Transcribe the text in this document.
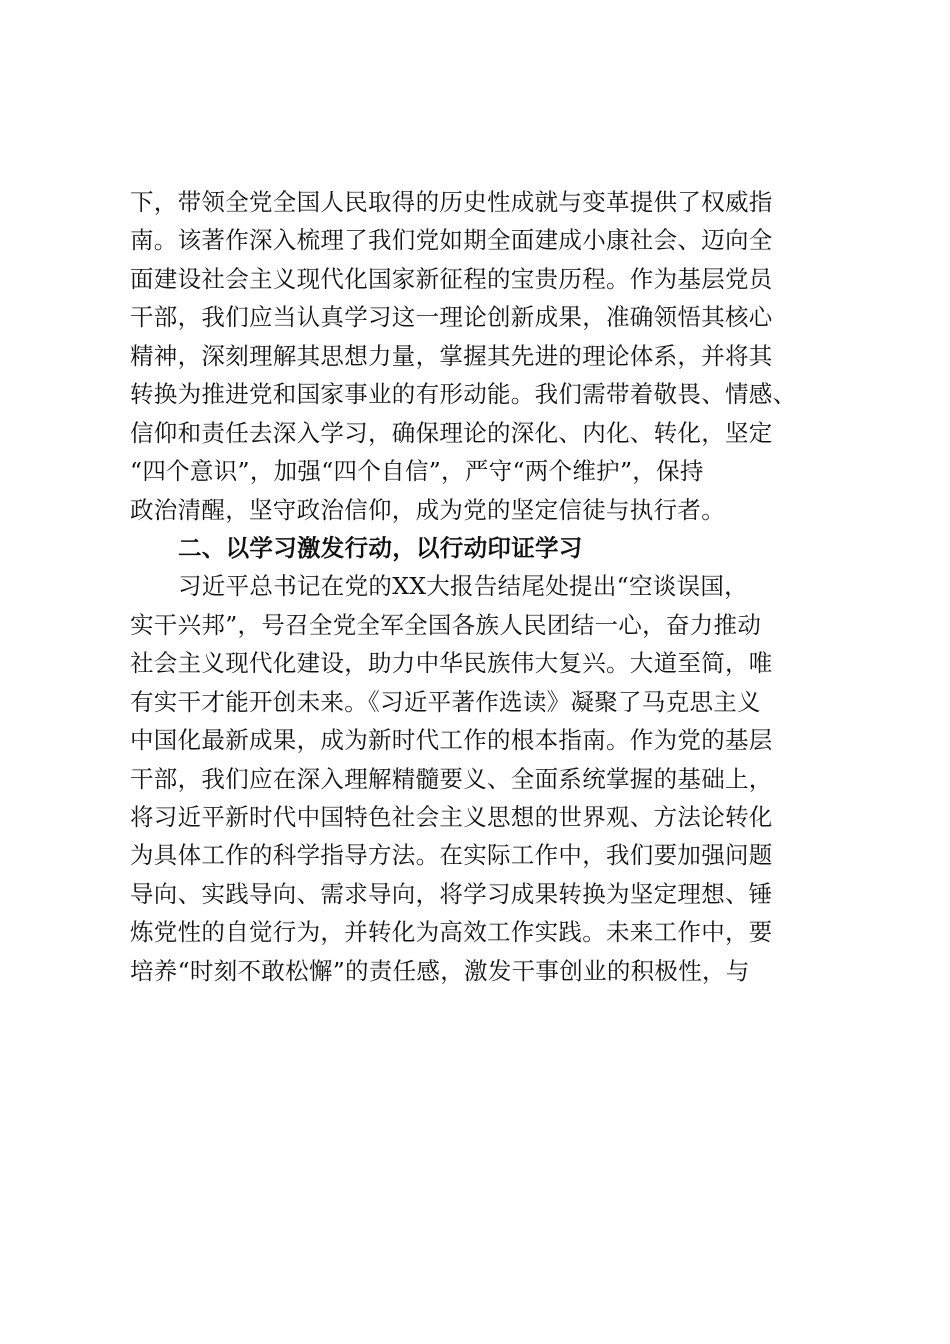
下，带领全党全国人民取得的历史性成就与变革提供了权威指
南。该著作深入梳理了我们党如期全面建成小康社会、迈向全
面建设社会主义现代化国家新征程的宝贵历程。作为基层党员
干部，我们应当认真学习这一理论创新成果，准确领悟其核心
精神，深刻理解其思想力量，掌握其先进的理论体系，并将其
转换为推进党和国家事业的有形动能。我们需带着敬畏、情感、
信仰和责任去深入学习，确保理论的深化、内化、转化，坚定
“四个意识”，加强“四个自信”，严守“两个维护”，保持
政治清醒，坚守政治信仰，成为党的坚定信徒与执行者。
二、以学习激发行动，以行动印证学习
习近平总书记在党的XX大报告结尾处提出“空谈误国，
实干兴邦”，号召全党全军全国各族人民团结一心，奋力推动
社会主义现代化建设，助力中华民族伟大复兴。大道至简，唯
有实干才能开创未来。《习近平著作选读》凝聚了马克思主义
中国化最新成果，成为新时代工作的根本指南。作为党的基层
干部，我们应在深入理解精髓要义、全面系统掌握的基础上，
将习近平新时代中国特色社会主义思想的世界观、方法论转化
为具体工作的科学指导方法。在实际工作中，我们要加强问题
导向、实践导向、需求导向，将学习成果转换为坚定理想、锤
炼党性的自觉行为，并转化为高效工作实践。未来工作中，要
培养“时刻不敢松懈”的责任感，激发干事创业的积极性，与
